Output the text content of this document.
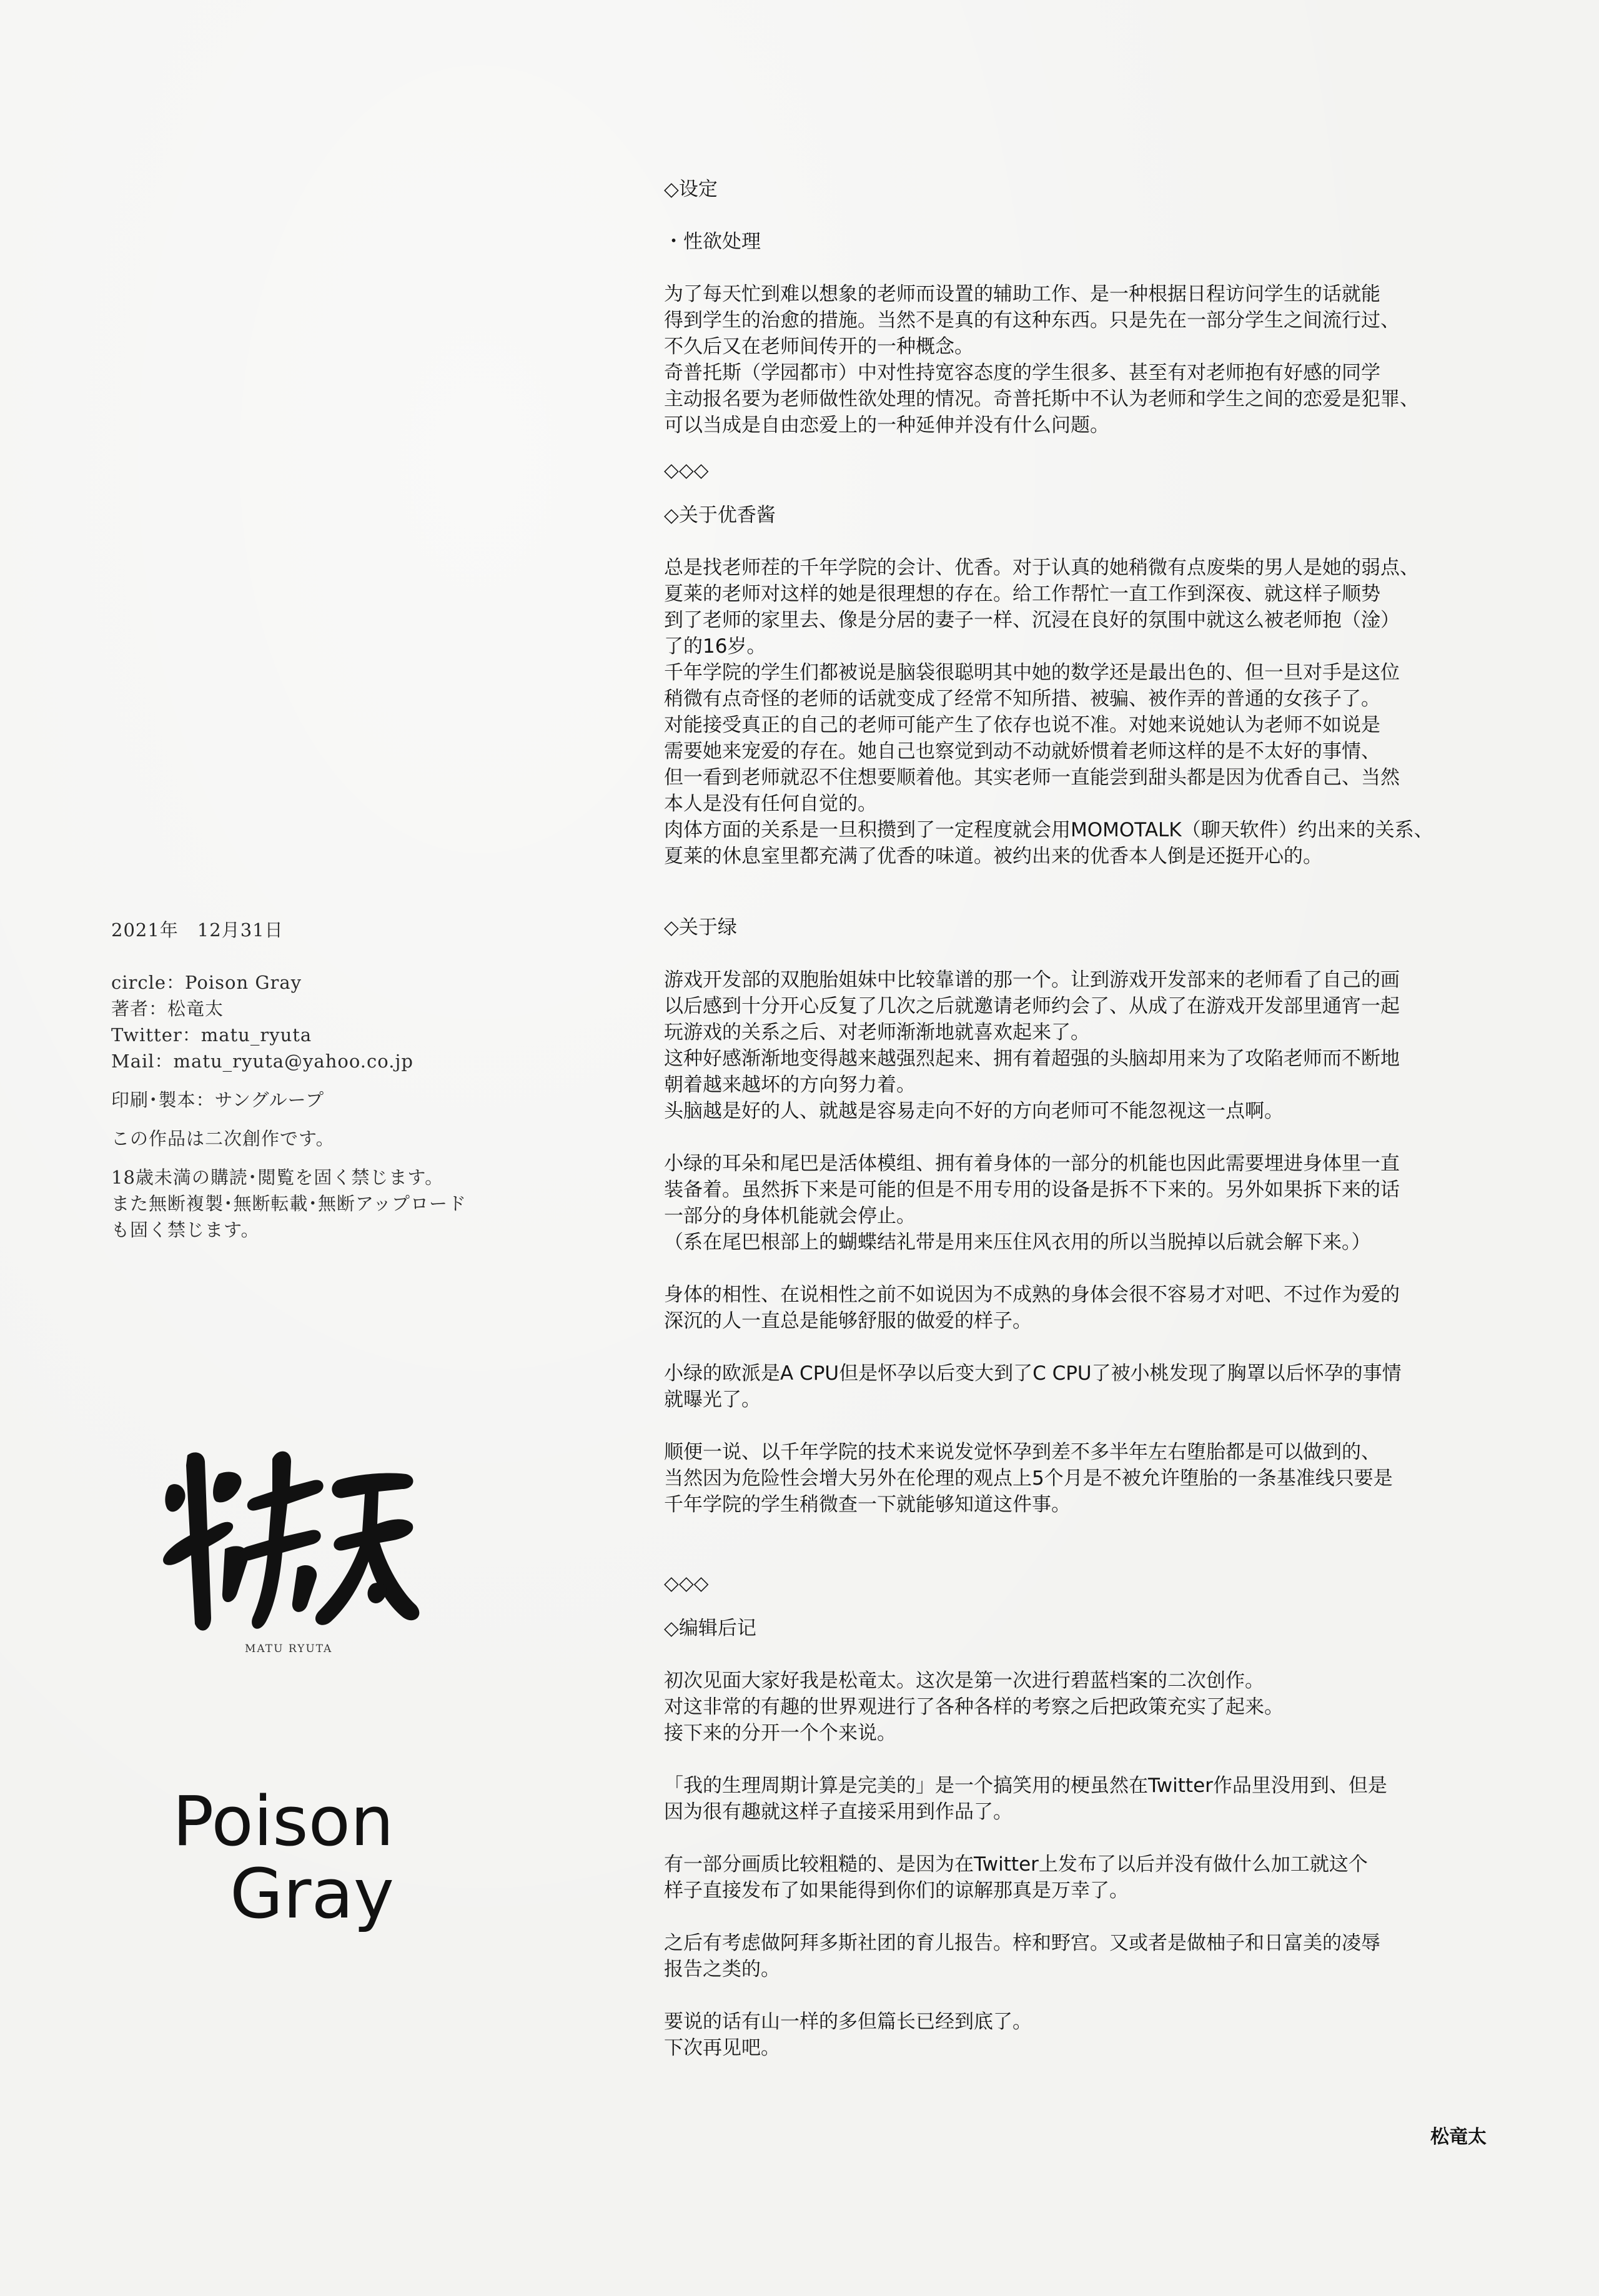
2021年　12月31日
circle：Poison Gray
著者：松竜太
Twitter：matu_ryuta
Mail：matu_ryuta@yahoo.co.jp
印刷･製本：サングループ
この作品は二次創作です。
18歳未満の購読･閲覧を固く禁じます。
また無断複製･無断転載･無断アップロード
も固く禁じます。
MATU RYUTA
Poison
Gray
◇设定
・性欲处理
为了每天忙到难以想象的老师而设置的辅助工作、是一种根据日程访问学生的话就能
得到学生的治愈的措施。当然不是真的有这种东西。只是先在一部分学生之间流行过、
不久后又在老师间传开的一种概念。
奇普托斯（学园都市）中对性持宽容态度的学生很多、甚至有对老师抱有好感的同学
主动报名要为老师做性欲处理的情况。奇普托斯中不认为老师和学生之间的恋爱是犯罪、
可以当成是自由恋爱上的一种延伸并没有什么问题。
◇◇◇
◇关于优香酱
总是找老师茬的千年学院的会计、优香。对于认真的她稍微有点废柴的男人是她的弱点、
夏莱的老师对这样的她是很理想的存在。给工作帮忙一直工作到深夜、就这样子顺势
到了老师的家里去、像是分居的妻子一样、沉浸在良好的氛围中就这么被老师抱（淦）
了的16岁。
千年学院的学生们都被说是脑袋很聪明其中她的数学还是最出色的、但一旦对手是这位
稍微有点奇怪的老师的话就变成了经常不知所措、被骗、被作弄的普通的女孩子了。
对能接受真正的自己的老师可能产生了依存也说不准。对她来说她认为老师不如说是
需要她来宠爱的存在。她自己也察觉到动不动就娇惯着老师这样的是不太好的事情、
但一看到老师就忍不住想要顺着他。其实老师一直能尝到甜头都是因为优香自己、当然
本人是没有任何自觉的。
肉体方面的关系是一旦积攒到了一定程度就会用MOMOTALK（聊天软件）约出来的关系、
夏莱的休息室里都充满了优香的味道。被约出来的优香本人倒是还挺开心的。
◇关于绿
游戏开发部的双胞胎姐妹中比较靠谱的那一个。让到游戏开发部来的老师看了自己的画
以后感到十分开心反复了几次之后就邀请老师约会了、从成了在游戏开发部里通宵一起
玩游戏的关系之后、对老师渐渐地就喜欢起来了。
这种好感渐渐地变得越来越强烈起来、拥有着超强的头脑却用来为了攻陷老师而不断地
朝着越来越坏的方向努力着。
头脑越是好的人、就越是容易走向不好的方向老师可不能忽视这一点啊。
小绿的耳朵和尾巴是活体模组、拥有着身体的一部分的机能也因此需要埋进身体里一直
装备着。虽然拆下来是可能的但是不用专用的设备是拆不下来的。另外如果拆下来的话
一部分的身体机能就会停止。
（系在尾巴根部上的蝴蝶结礼带是用来压住风衣用的所以当脱掉以后就会解下来。）
身体的相性、在说相性之前不如说因为不成熟的身体会很不容易才对吧、不过作为爱的
深沉的人一直总是能够舒服的做爱的样子。
小绿的欧派是A CPU但是怀孕以后变大到了C CPU了被小桃发现了胸罩以后怀孕的事情
就曝光了。
顺便一说、以千年学院的技术来说发觉怀孕到差不多半年左右堕胎都是可以做到的、
当然因为危险性会增大另外在伦理的观点上5个月是不被允许堕胎的一条基准线只要是
千年学院的学生稍微查一下就能够知道这件事。
◇◇◇
◇编辑后记
初次见面大家好我是松竜太。这次是第一次进行碧蓝档案的二次创作。
对这非常的有趣的世界观进行了各种各样的考察之后把政策充实了起来。
接下来的分开一个个来说。
「我的生理周期计算是完美的」是一个搞笑用的梗虽然在Twitter作品里没用到、但是
因为很有趣就这样子直接采用到作品了。
有一部分画质比较粗糙的、是因为在Twitter上发布了以后并没有做什么加工就这个
样子直接发布了如果能得到你们的谅解那真是万幸了。
之后有考虑做阿拜多斯社团的育儿报告。梓和野宫。又或者是做柚子和日富美的凌辱
报告之类的。
要说的话有山一样的多但篇长已经到底了。
下次再见吧。
松竜太
